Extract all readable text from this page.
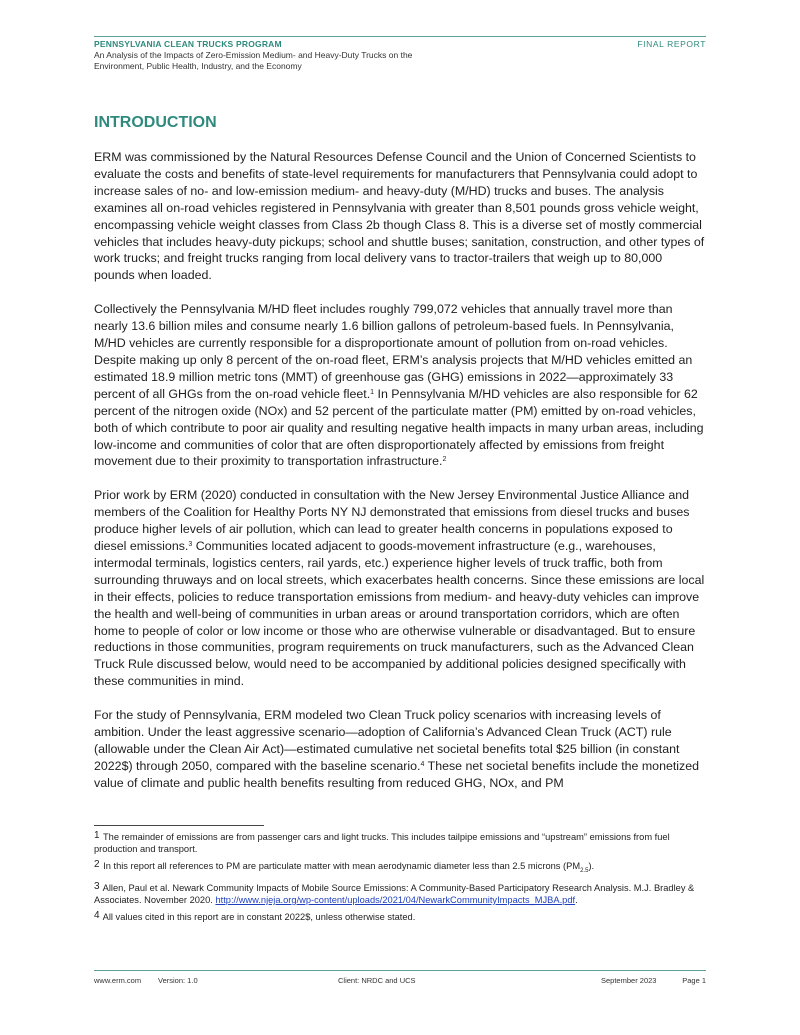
PENNSYLVANIA CLEAN TRUCKS PROGRAM	FINAL REPORT
An Analysis of the Impacts of Zero-Emission Medium- and Heavy-Duty Trucks on the Environment, Public Health, Industry, and the Economy
INTRODUCTION

ERM was commissioned by the Natural Resources Defense Council and the Union of Concerned Scientists to evaluate the costs and benefits of state-level requirements for manufacturers that Pennsylvania could adopt to increase sales of no- and low-emission medium- and heavy-duty (M/HD) trucks and buses. The analysis examines all on-road vehicles registered in Pennsylvania with greater than 8,501 pounds gross vehicle weight, encompassing vehicle weight classes from Class 2b though Class 8. This is a diverse set of mostly commercial vehicles that includes heavy-duty pickups; school and shuttle buses; sanitation, construction, and other types of work trucks; and freight trucks ranging from local delivery vans to tractor-trailers that weigh up to 80,000 pounds when loaded.

Collectively the Pennsylvania M/HD fleet includes roughly 799,072 vehicles that annually travel more than nearly 13.6 billion miles and consume nearly 1.6 billion gallons of petroleum-based fuels. In Pennsylvania, M/HD vehicles are currently responsible for a disproportionate amount of pollution from on-road vehicles. Despite making up only 8 percent of the on-road fleet, ERM’s analysis projects that M/HD vehicles emitted an estimated 18.9 million metric tons (MMT) of greenhouse gas (GHG) emissions in 2022—approximately 33 percent of all GHGs from the on-road vehicle fleet.$^1$ In Pennsylvania M/HD vehicles are also responsible for 62 percent of the nitrogen oxide (NOx) and 52 percent of the particulate matter (PM) emitted by on-road vehicles, both of which contribute to poor air quality and resulting negative health impacts in many urban areas, including low-income and communities of color that are often disproportionately affected by emissions from freight movement due to their proximity to transportation infrastructure.$^2$

Prior work by ERM (2020) conducted in consultation with the New Jersey Environmental Justice Alliance and members of the Coalition for Healthy Ports NY NJ demonstrated that emissions from diesel trucks and buses produce higher levels of air pollution, which can lead to greater health concerns in populations exposed to diesel emissions.$^3$ Communities located adjacent to goods-movement infrastructure (e.g., warehouses, intermodal terminals, logistics centers, rail yards, etc.) experience higher levels of truck traffic, both from surrounding thruways and on local streets, which exacerbates health concerns. Since these emissions are local in their effects, policies to reduce transportation emissions from medium- and heavy-duty vehicles can improve the health and well-being of communities in urban areas or around transportation corridors, which are often home to people of color or low income or those who are otherwise vulnerable or disadvantaged. But to ensure reductions in those communities, program requirements on truck manufacturers, such as the Advanced Clean Truck Rule discussed below, would need to be accompanied by additional policies designed specifically with these communities in mind.

For the study of Pennsylvania, ERM modeled two Clean Truck policy scenarios with increasing levels of ambition. Under the least aggressive scenario—adoption of California’s Advanced Clean Truck (ACT) rule (allowable under the Clean Air Act)—estimated cumulative net societal benefits total $25 billion (in constant 2022$) through 2050, compared with the baseline scenario.$^4$ These net societal benefits include the monetized value of climate and public health benefits resulting from reduced GHG, NOx, and PM

1 The remainder of emissions are from passenger cars and light trucks. This includes tailpipe emissions and “upstream” emissions from fuel production and transport.

2 In this report all references to PM are particulate matter with mean aerodynamic diameter less than 2.5 microns $(PM_{2.5})$.

3 Allen, Paul et al. Newark Community Impacts of Mobile Source Emissions: A Community-Based Participatory Research Analysis. M.J. Bradley & Associates. November 2020. http://www.njeja.org/wp-content/uploads/2021/04/NewarkCommunityImpacts_MJBA.pdf.

4 All values cited in this report are in constant 2022$, unless otherwise stated.

www.erm.com Version: 1.0	Client: NRDC and UCS	September 2023	Page 1
